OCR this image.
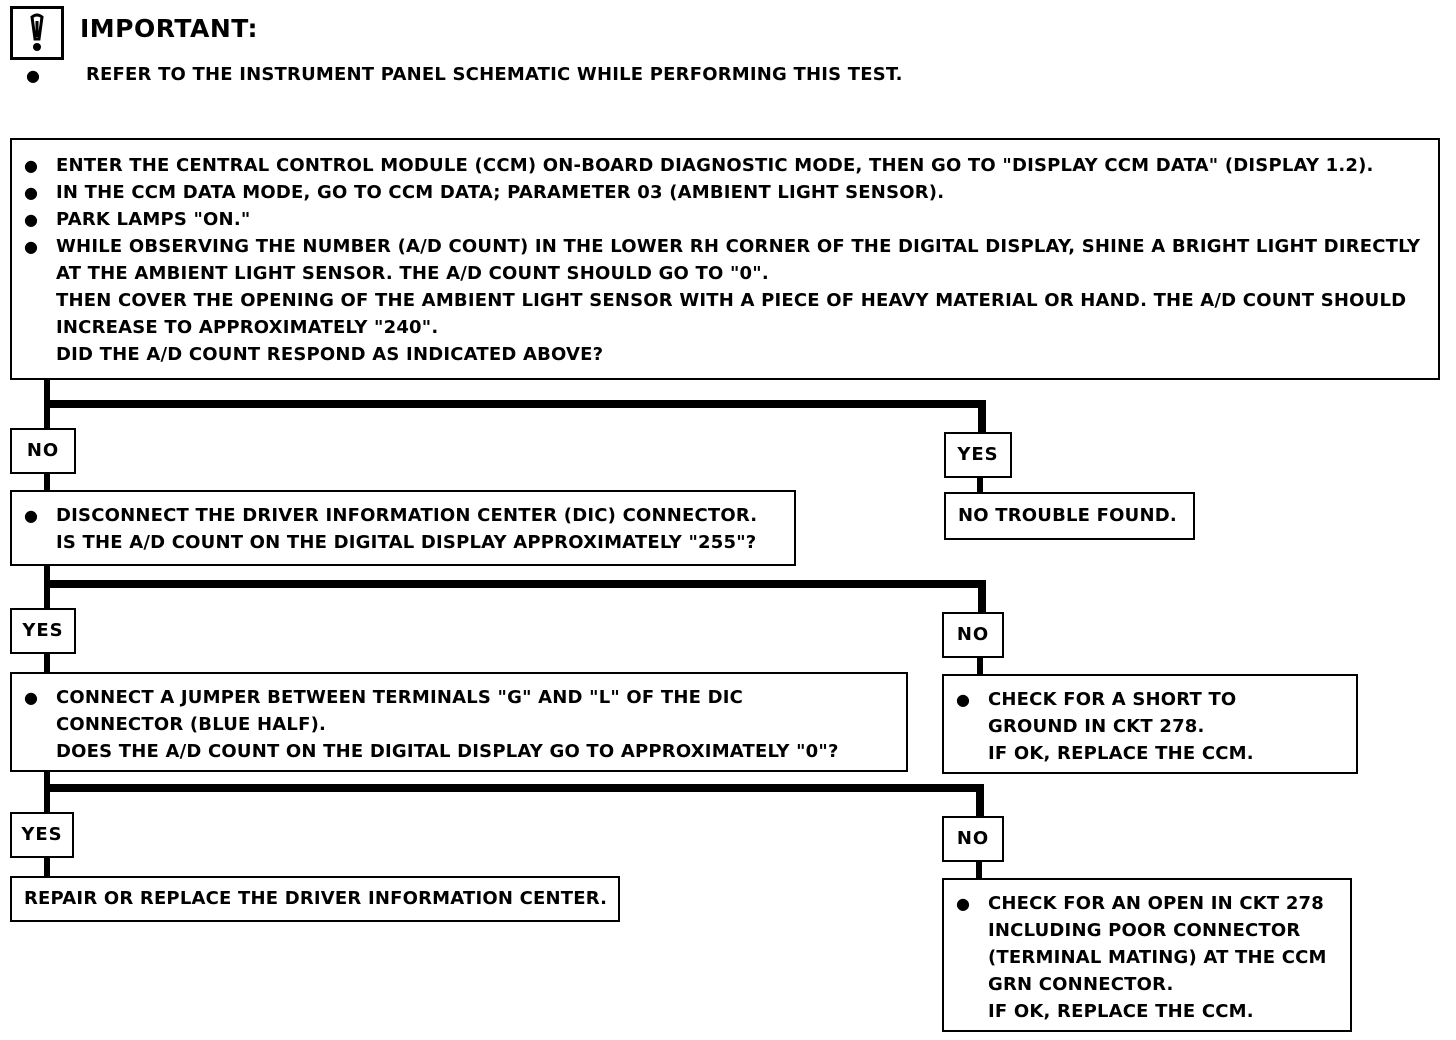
IMPORTANT:
●	REFER TO THE INSTRUMENT PANEL SCHEMATIC WHILE PERFORMING THIS TEST.
● ENTER THE CENTRAL CONTROL MODULE (CCM) ON-BOARD DIAGNOSTIC MODE, THEN GO TO "DISPLAY CCM DATA" (DISPLAY 1.2).
● IN THE CCM DATA MODE, GO TO CCM DATA; PARAMETER 03 (AMBIENT LIGHT SENSOR).
● PARK LAMPS "ON."
● WHILE OBSERVING THE NUMBER (A/D COUNT) IN THE LOWER RH CORNER OF THE DIGITAL DISPLAY, SHINE A BRIGHT LIGHT DIRECTLY AT THE AMBIENT LIGHT SENSOR. THE A/D COUNT SHOULD GO TO "0".
THEN COVER THE OPENING OF THE AMBIENT LIGHT SENSOR WITH A PIECE OF HEAVY MATERIAL OR HAND. THE A/D COUNT SHOULD INCREASE TO APPROXIMATELY "240".
DID THE A/D COUNT RESPOND AS INDICATED ABOVE?
NO	YES
NO TROUBLE FOUND.
● DISCONNECT THE DRIVER INFORMATION CENTER (DIC) CONNECTOR.
IS THE A/D COUNT ON THE DIGITAL DISPLAY APPROXIMATELY "255"?
YES	NO
● CONNECT A JUMPER BETWEEN TERMINALS "G" AND "L" OF THE DIC CONNECTOR (BLUE HALF).
DOES THE A/D COUNT ON THE DIGITAL DISPLAY GO TO APPROXIMATELY "0"?
● CHECK FOR A SHORT TO GROUND IN CKT 278.
IF OK, REPLACE THE CCM.
YES	NO
REPAIR OR REPLACE THE DRIVER INFORMATION CENTER.
●	CHECK FOR AN OPEN IN CKT 278 INCLUDING POOR CONNECTOR (TERMINAL MATING) AT THE CCM GRN CONNECTOR.
IF OK, REPLACE THE CCM.
